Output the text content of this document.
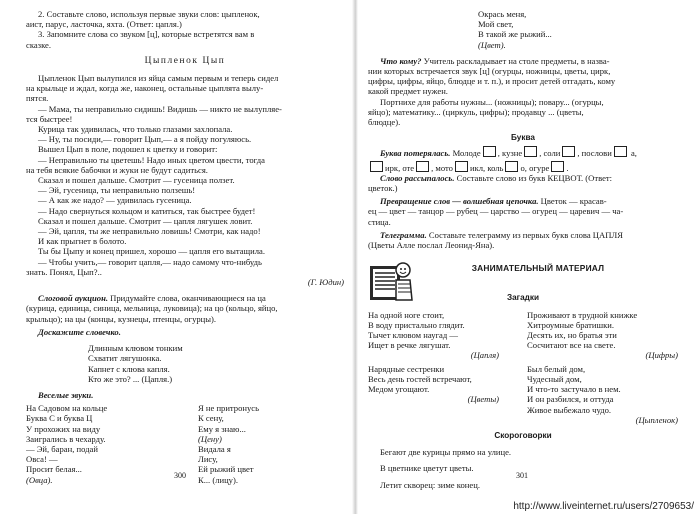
2. Составьте слово, используя первые звуки слов: цыпленок,
аист, парус, ласточка, яхта. (Ответ: цапля.)
3. Запомните слова со звуком [ц], которые встретятся вам в
сказке.
Цыпленок Цып
Цыпленок Цып вылупился из яйца самым первым и теперь сидел
на крыльце и ждал, когда же, наконец, остальные цыплята вылу-
пятся.
— Мама, ты неправильно сидишь! Видишь — никто не вылупляе-
тся быстрее!
Курица так удивилась, что только глазами захлопала.
— Ну, ты посиди,— говорит Цып,— а я пойду погуляюсь.
Вышел Цып в поле, подошел к цветку и говорит:
— Неправильно ты цветешь! Надо иных цветом цвести, тогда
на тебя всякие бабочки и жуки не будут садиться.
Сказал и пошел дальше. Смотрит — гусеница ползет.
— Эй, гусеница, ты неправильно ползешь!
— А как же надо? — удивилась гусеница.
— Надо свернуться кольцом и катиться, так быстрее будет!
Сказал и пошел дальше. Смотрит — цапля лягушек ловит.
— Эй, цапля, ты же неправильно ловишь! Смотри, как надо!
И как прыгнет в болото.
Ты бы Цыпу и конец пришел, хорошо — цапля его вытащила.
— Чтобы учить,— говорит цапля,— надо самому что-нибудь
знать. Понял, Цып?..
(Г. Юдин)
Слоговой аукцион. Придумайте слова, оканчивающиеся на ца
(курица, единица, синица, мельница, луковица); на цо (кольцо, яйцо,
крыльцо); на цы (концы, кузнецы, птенцы, огурцы).
Доскажите словечко.
Длинным клювом тонким
Схватит лягушонка.
Капнет с клюва капля.
Кто же это? ... (Цапля.)
Веселые звуки.
На Садовом на кольце
Буква С и буква Ц
У прохожих на виду
Заигрались в чехарду.
— Эй, баран, подай
Овса! —
Просит белая...
(Овца).
Я не притронусь
К сену,
Ему я знаю...
(Цену)
Видала я
Лису,
Ей рыжий цвет
К... (лицу).
300
Окрась меня,
Мой свет,
В такой же рыжий...
(Цвет).
Что кому? Учитель раскладывает на столе предметы, в назва-
нии которых встречается звук [ц] (огурцы, ножницы, цветы, цирк,
цифры, цифры, яйцо, блюдце и т. п.), и просит детей отгадать, кому
какой предмет нужен.
Портнихе для работы нужны... (ножницы); повару... (огурцы,
яйцо); математику... (циркуль, цифры); продавцу ... (цветы,
блюдце).
Буква
Буква потерялась. Молоде , кузне , соли , послови а,
ирк, оте , мото икл, коль о, огуре .
Слово рассыпалось. Составьте слово из букв КЕЦВОТ. (Ответ:
цветок.)
Превращение слов — волшебная цепочка. Цветок — красав-
ец — цвет — танцор — рубец — царство — огурец — царевич — ча-
стица.
Телеграмма. Составьте телеграмму из первых букв слова ЦАПЛЯ
(Цветы Алле послал Леонид-Яна).
ЗАНИМАТЕЛЬНЫЙ МАТЕРИАЛ
Загадки
На одной ноге стоит,
В воду пристально глядит.
Тычет клювом наугад —
Ищет в речке лягушат.
(Цапля)
Проживают в трудной книжке
Хитроумные братишки.
Десять их, но братья эти
Сосчитают все на свете.
(Цифры)
Нарядные сестренки
Весь день гостей встречают,
Медом угощают.
(Цветы)
Был белый дом,
Чудесный дом,
И что-то застучало в нем.
И он разбился, и оттуда
Живое выбежало чудо.
(Цыпленок)
Скороговорки
Бегают две курицы прямо на улице.
В цветнике цветут цветы.
Летит скворец: зиме конец.
301
http://www.liveinternet.ru/users/2709653/
